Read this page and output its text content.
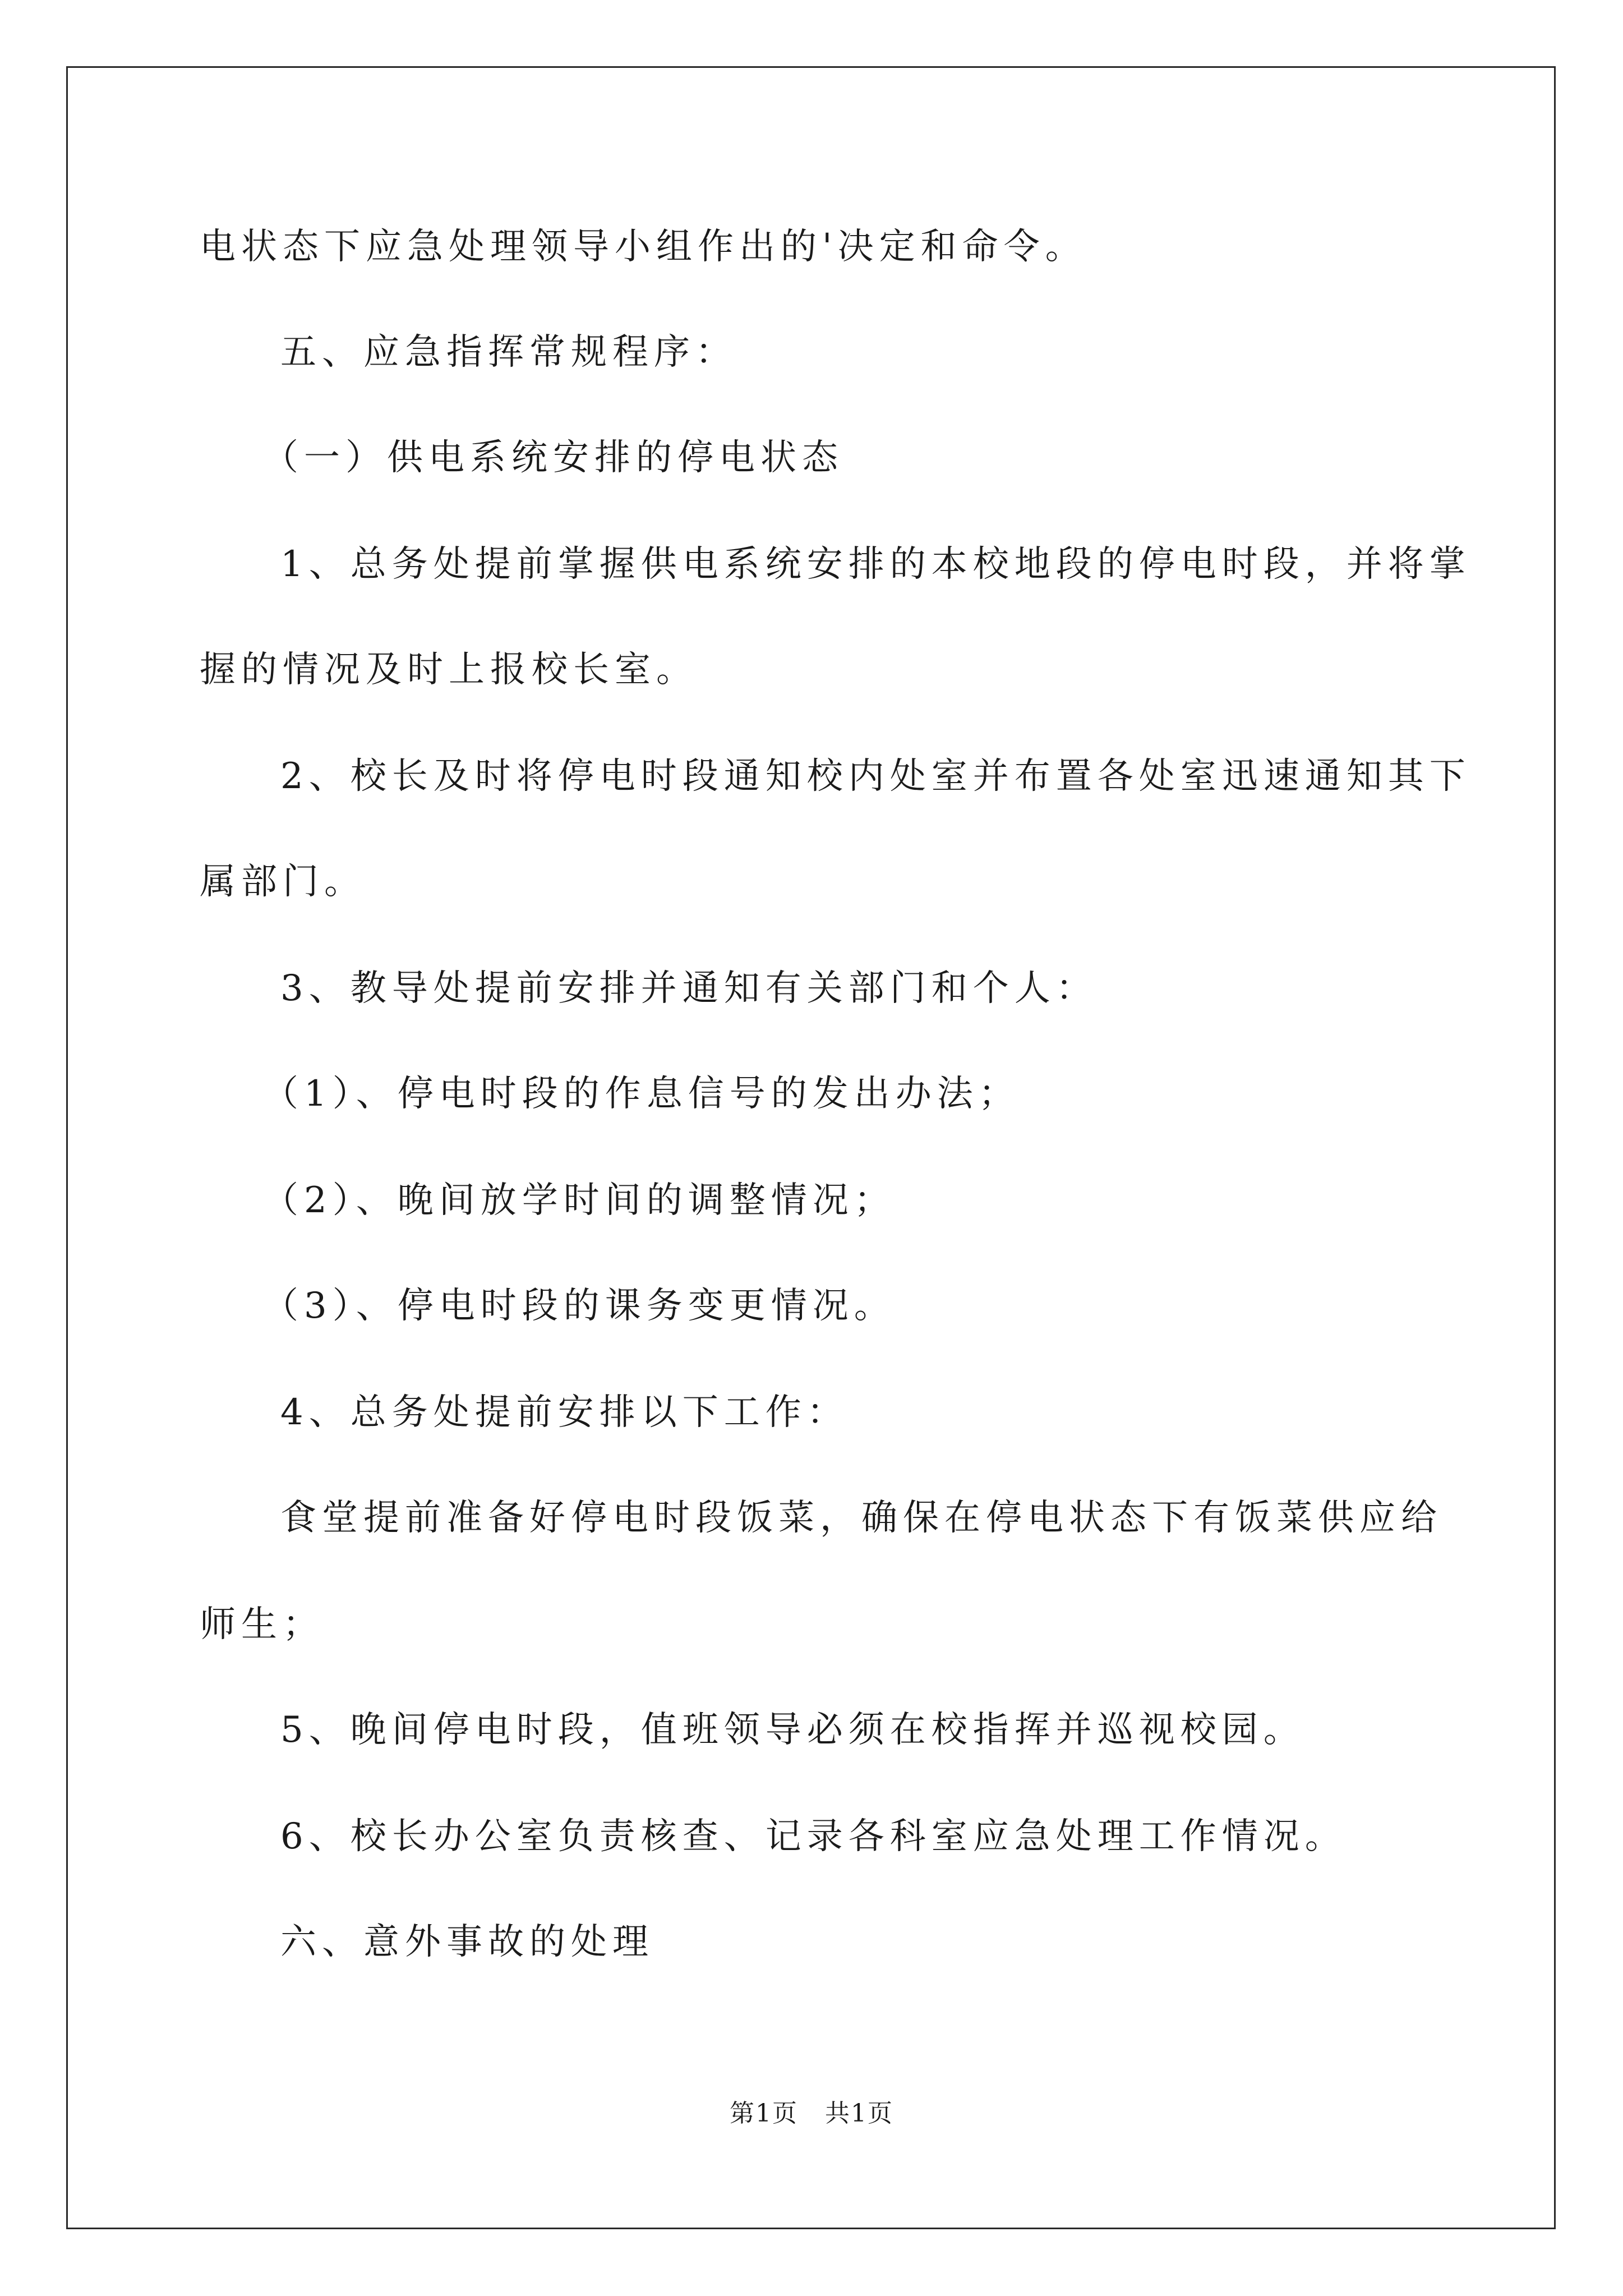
电状态下应急处理领导小组作出的'决定和命令。
五、应急指挥常规程序：
（一）供电系统安排的停电状态
1、总务处提前掌握供电系统安排的本校地段的停电时段，并将掌
握的情况及时上报校长室。
2、校长及时将停电时段通知校内处室并布置各处室迅速通知其下
属部门。
3、教导处提前安排并通知有关部门和个人：
（1）、停电时段的作息信号的发出办法；
（2）、晚间放学时间的调整情况；
（3）、停电时段的课务变更情况。
4、总务处提前安排以下工作：
食堂提前准备好停电时段饭菜，确保在停电状态下有饭菜供应给
师生；
5、晚间停电时段，值班领导必须在校指挥并巡视校园。
6、校长办公室负责核查、记录各科室应急处理工作情况。
六、意外事故的处理
第1页   共1页
